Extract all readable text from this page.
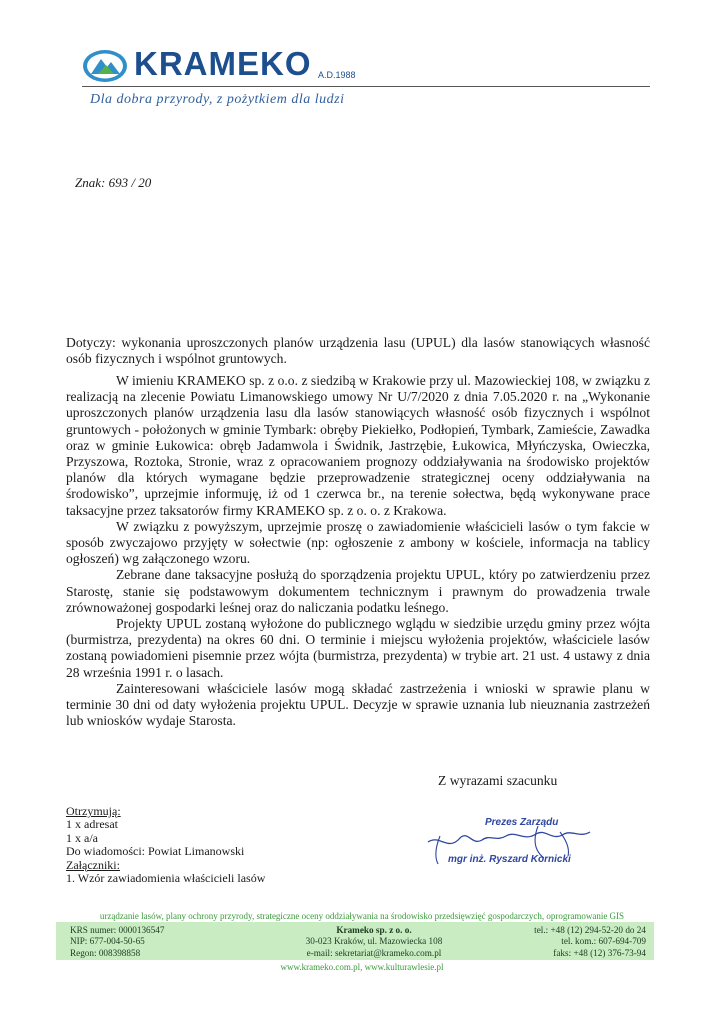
KRAMEKO A.D.1988
Dla dobra przyrody, z pożytkiem dla ludzi
Znak: 693 / 20
Dotyczy: wykonania uproszczonych planów urządzenia lasu (UPUL) dla lasów stanowiących własność osób fizycznych i wspólnot gruntowych.

W imieniu KRAMEKO sp. z o.o. z siedzibą w Krakowie przy ul. Mazowieckiej 108, w związku z realizacją na zlecenie Powiatu Limanowskiego umowy Nr U/7/2020 z dnia 7.05.2020 r. na „Wykonanie uproszczonych planów urządzenia lasu dla lasów stanowiących własność osób fizycznych i wspólnot gruntowych - położonych w gminie Tymbark: obręby Piekiełko, Podłopień, Tymbark, Zamieście, Zawadka oraz w gminie Łukowica: obręb Jadamwola i Świdnik, Jastrzębie, Łukowica, Młyńczyska, Owieczka, Przyszowa, Roztoka, Stronie, wraz z opracowaniem prognozy oddziaływania na środowisko projektów planów dla których wymagane będzie przeprowadzenie strategicznej oceny oddziaływania na środowisko”, uprzejmie informuję, iż od 1 czerwca br., na terenie sołectwa, będą wykonywane prace taksacyjne przez taksatorów firmy KRAMEKO sp. z o. o. z Krakowa.

W związku z powyższym, uprzejmie proszę o zawiadomienie właścicieli lasów o tym fakcie w sposób zwyczajowo przyjęty w sołectwie (np: ogłoszenie z ambony w kościele, informacja na tablicy ogłoszeń) wg załączonego wzoru.

Zebrane dane taksacyjne posłużą do sporządzenia projektu UPUL, który po zatwierdzeniu przez Starostę, stanie się podstawowym dokumentem technicznym i prawnym do prowadzenia trwale zrównoważonej gospodarki leśnej oraz do naliczania podatku leśnego.

Projekty UPUL zostaną wyłożone do publicznego wglądu w siedzibie urzędu gminy przez wójta (burmistrza, prezydenta) na okres 60 dni. O terminie i miejscu wyłożenia projektów, właściciele lasów zostaną powiadomieni pisemnie przez wójta (burmistrza, prezydenta) w trybie art. 21 ust. 4 ustawy z dnia 28 września 1991 r. o lasach.

Zainteresowani właściciele lasów mogą składać zastrzeżenia i wnioski w sprawie planu w terminie 30 dni od daty wyłożenia projektu UPUL. Decyzje w sprawie uznania lub nieuznania zastrzeżeń lub wniosków wydaje Starosta.

Z wyrazami szacunku
Otrzymują:
1 x adresat
1 x a/a
Do wiadomości: Powiat Limanowski
Załączniki:
1. Wzór zawiadomienia właścicieli lasów
Prezes Zarządu
mgr inż. Ryszard Kornicki
urządzanie lasów, plany ochrony przyrody, strategiczne oceny oddziaływania na środowisko przedsięwzięć gospodarczych, oprogramowanie GIS
KRS numer: 0000136547
NIP: 677-004-50-65
Regon: 008398858
Krameko sp. z o. o.
30-023 Kraków, ul. Mazowiecka 108
e-mail: sekretariat@krameko.com.pl
tel.: +48 (12) 294-52-20 do 24
tel. kom.: 607-694-709
faks: +48 (12) 376-73-94
www.krameko.com.pl, www.kulturawlesie.pl
